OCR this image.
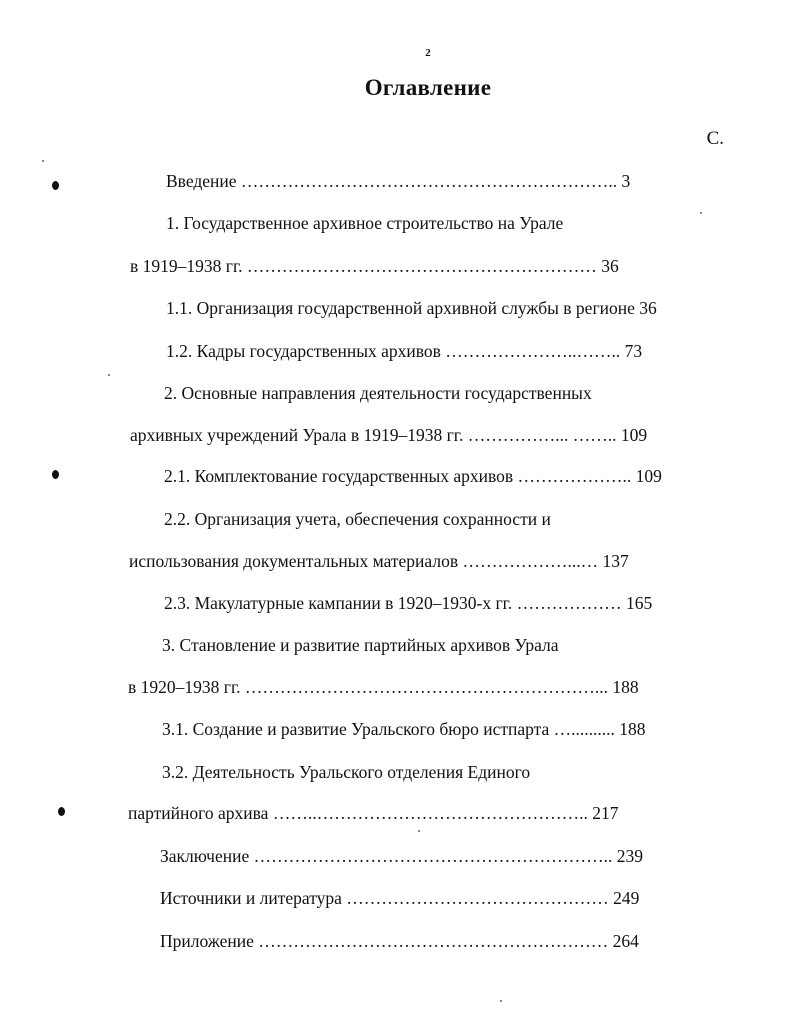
2
Оглавление
С.
Введение ……………………………………………………….. 3
1. Государственное архивное строительство на Урале
в 1919–1938 гг. …………………………………………………… 36
1.1. Организация государственной архивной службы в регионе 36
1.2. Кадры государственных архивов …………………..…….. 73
2. Основные направления деятельности государственных
архивных учреждений Урала в 1919–1938 гг. ……………... …….. 109
2.1. Комплектование государственных архивов ……………….. 109
2.2. Организация учета, обеспечения сохранности и
использования документальных материалов ………………...… 137
2.3. Макулатурные кампании в 1920–1930-х гг. ……………… 165
3. Становление и развитие партийных архивов Урала
в 1920–1938 гг. ……………………………………………………... 188
3.1. Создание и развитие Уральского бюро истпарта ….......... 188
3.2. Деятельность Уральского отделения Единого
партийного архива ……..……………………………………….. 217
Заключение …………………………………………………….. 239
Источники и литература ……………………………………… 249
Приложение …………………………………………………… 264
